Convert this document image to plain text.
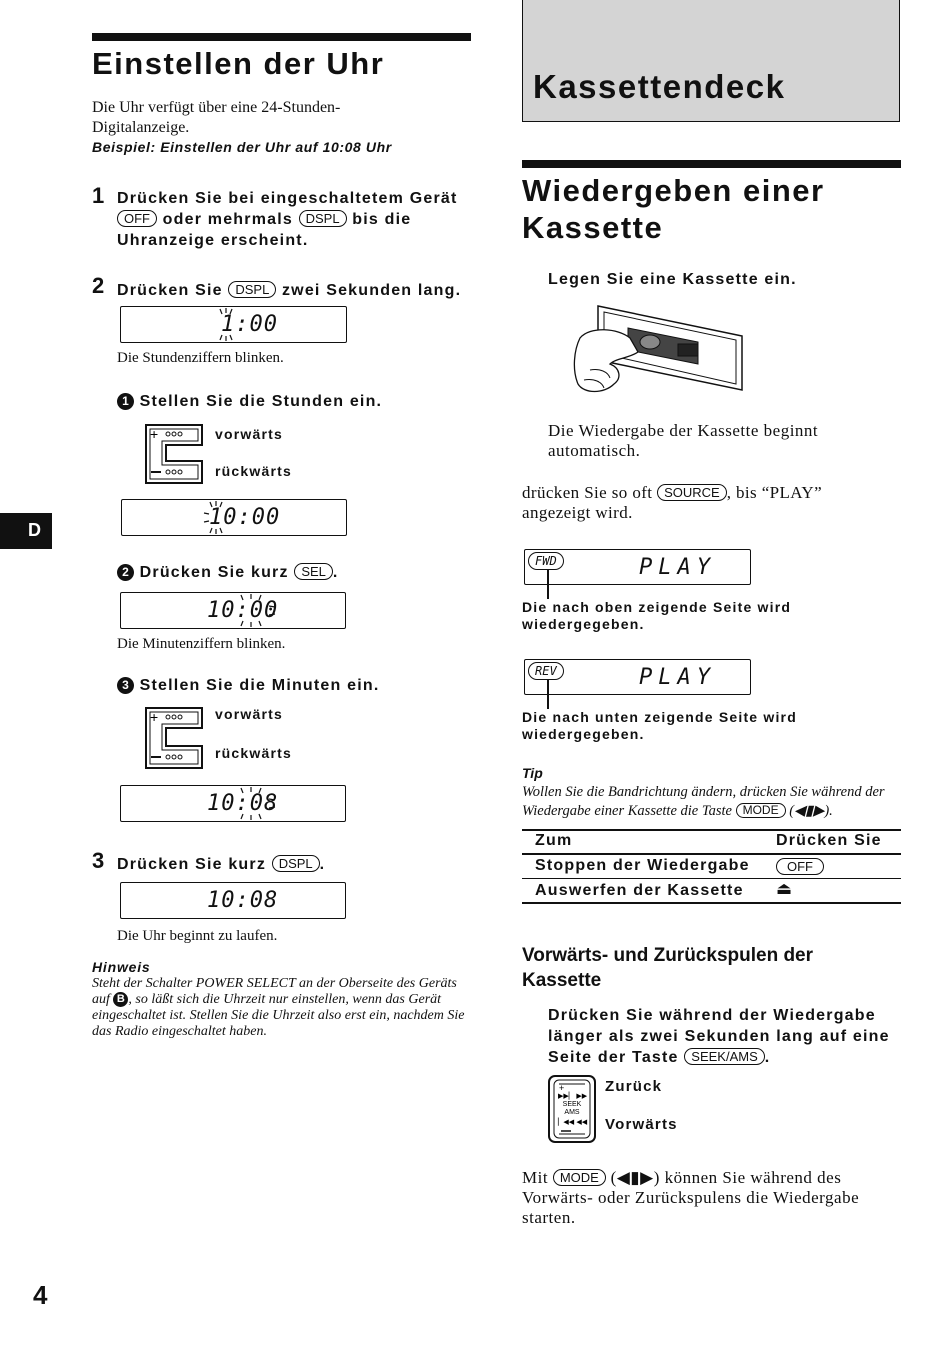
Einstellen der Uhr
Die Uhr verfügt über eine 24-Stunden-Digitalanzeige.
Beispiel: Einstellen der Uhr auf 10:08 Uhr
1 Drücken Sie bei eingeschaltetem Gerät
OFF oder mehrmals DSPL bis die
Uhranzeige erscheint.
2 Drücken Sie DSPL zwei Sekunden lang.
1:00
Die Stundenziffern blinken.
1 Stellen Sie die Stunden ein.
+	vorwärts
rückwärts
10:00
2 Drücken Sie kurz SEL .
10:00
Die Minutenziffern blinken.
3 Stellen Sie die Minuten ein.
+	vorwärts
rückwärts
10:08
3 Drücken Sie kurz DSPL .
10:08
Die Uhr beginnt zu laufen.
Hinweis
Steht der Schalter POWER SELECT an der Oberseite des Geräts auf B , so läßt sich die Uhrzeit nur einstellen, wenn das Gerät eingeschaltet ist. Stellen Sie die Uhrzeit also erst ein, nachdem Sie das Radio eingeschaltet haben.
D
4
Kassettendeck
Wiedergeben einer Kassette
Legen Sie eine Kassette ein.
Die Wiedergabe der Kassette beginnt automatisch.
drücken Sie so oft SOURCE , bis “PLAY” angezeigt wird.
FWD	PLAY
Die nach oben zeigende Seite wird wiedergegeben.
REV	PLAY
Die nach unten zeigende Seite wird wiedergegeben.
Tip
Wollen Sie die Bandrichtung ändern, drücken Sie während der Wiedergabe einer Kassette die Taste MODE (◀▮▶).
Zum	Drücken Sie
Stoppen der Wiedergabe	OFF
Auswerfen der Kassette ⏏
Vorwärts- und Zurückspulen der Kassette
Drücken Sie während der Wiedergabe länger als zwei Sekunden lang auf eine Seite der Taste SEEK/AMS .
+
▶▶▏ ▶▶
SEEK
AMS
▏◀◀ ◀◀
Zurück
Vorwärts
Mit MODE (◀▮▶) können Sie während des Vorwärts- oder Zurückspulens die Wiedergabe starten.
